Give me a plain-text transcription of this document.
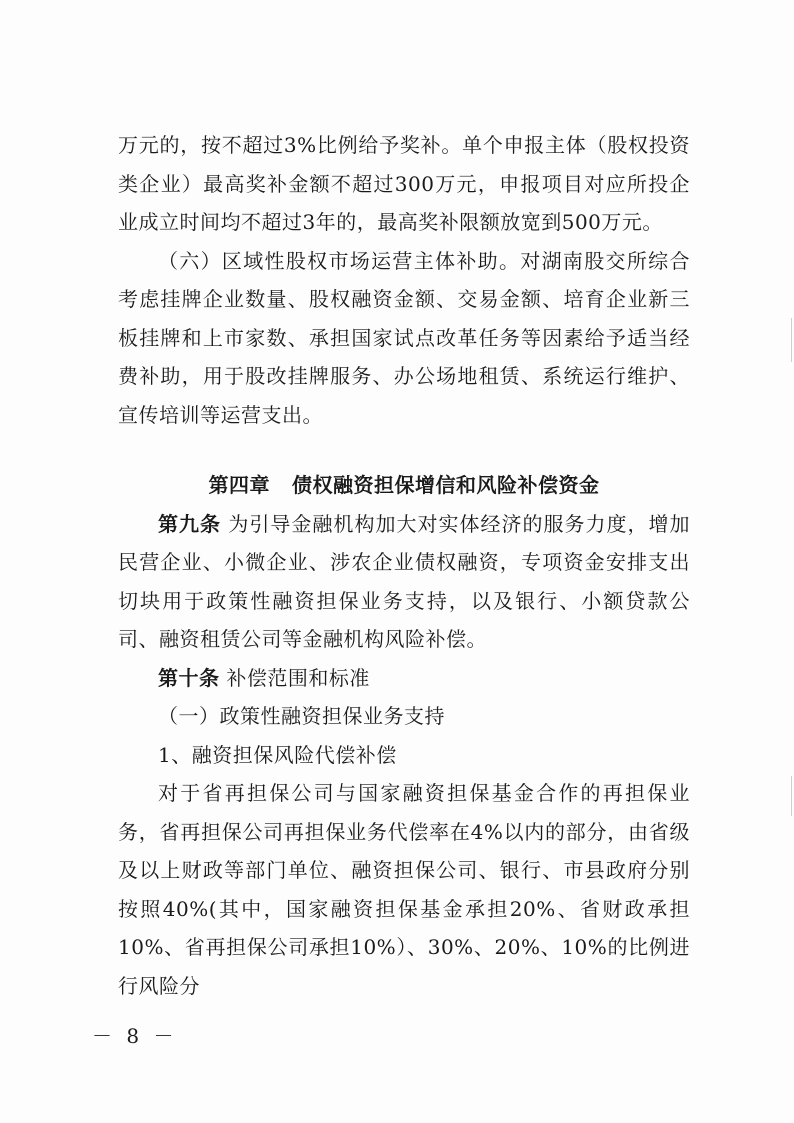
万元的，按不超过3%比例给予奖补。单个申报主体（股权投资类企业）最高奖补金额不超过300万元，申报项目对应所投企业成立时间均不超过3年的，最高奖补限额放宽到500万元。

（六）区域性股权市场运营主体补助。对湖南股交所综合考虑挂牌企业数量、股权融资金额、交易金额、培育企业新三板挂牌和上市家数、承担国家试点改革任务等因素给予适当经费补助，用于股改挂牌服务、办公场地租赁、系统运行维护、宣传培训等运营支出。

第四章 债权融资担保增信和风险补偿资金

第九条 为引导金融机构加大对实体经济的服务力度，增加民营企业、小微企业、涉农企业债权融资，专项资金安排支出切块用于政策性融资担保业务支持，以及银行、小额贷款公司、融资租赁公司等金融机构风险补偿。

第十条 补偿范围和标准

（一）政策性融资担保业务支持

1、融资担保风险代偿补偿

对于省再担保公司与国家融资担保基金合作的再担保业务，省再担保公司再担保业务代偿率在4%以内的部分，由省级及以上财政等部门单位、融资担保公司、银行、市县政府分别按照40%(其中，国家融资担保基金承担20%、省财政承担10%、省再担保公司承担10%）、30%、20%、10%的比例进行风险分

－ 8 －
